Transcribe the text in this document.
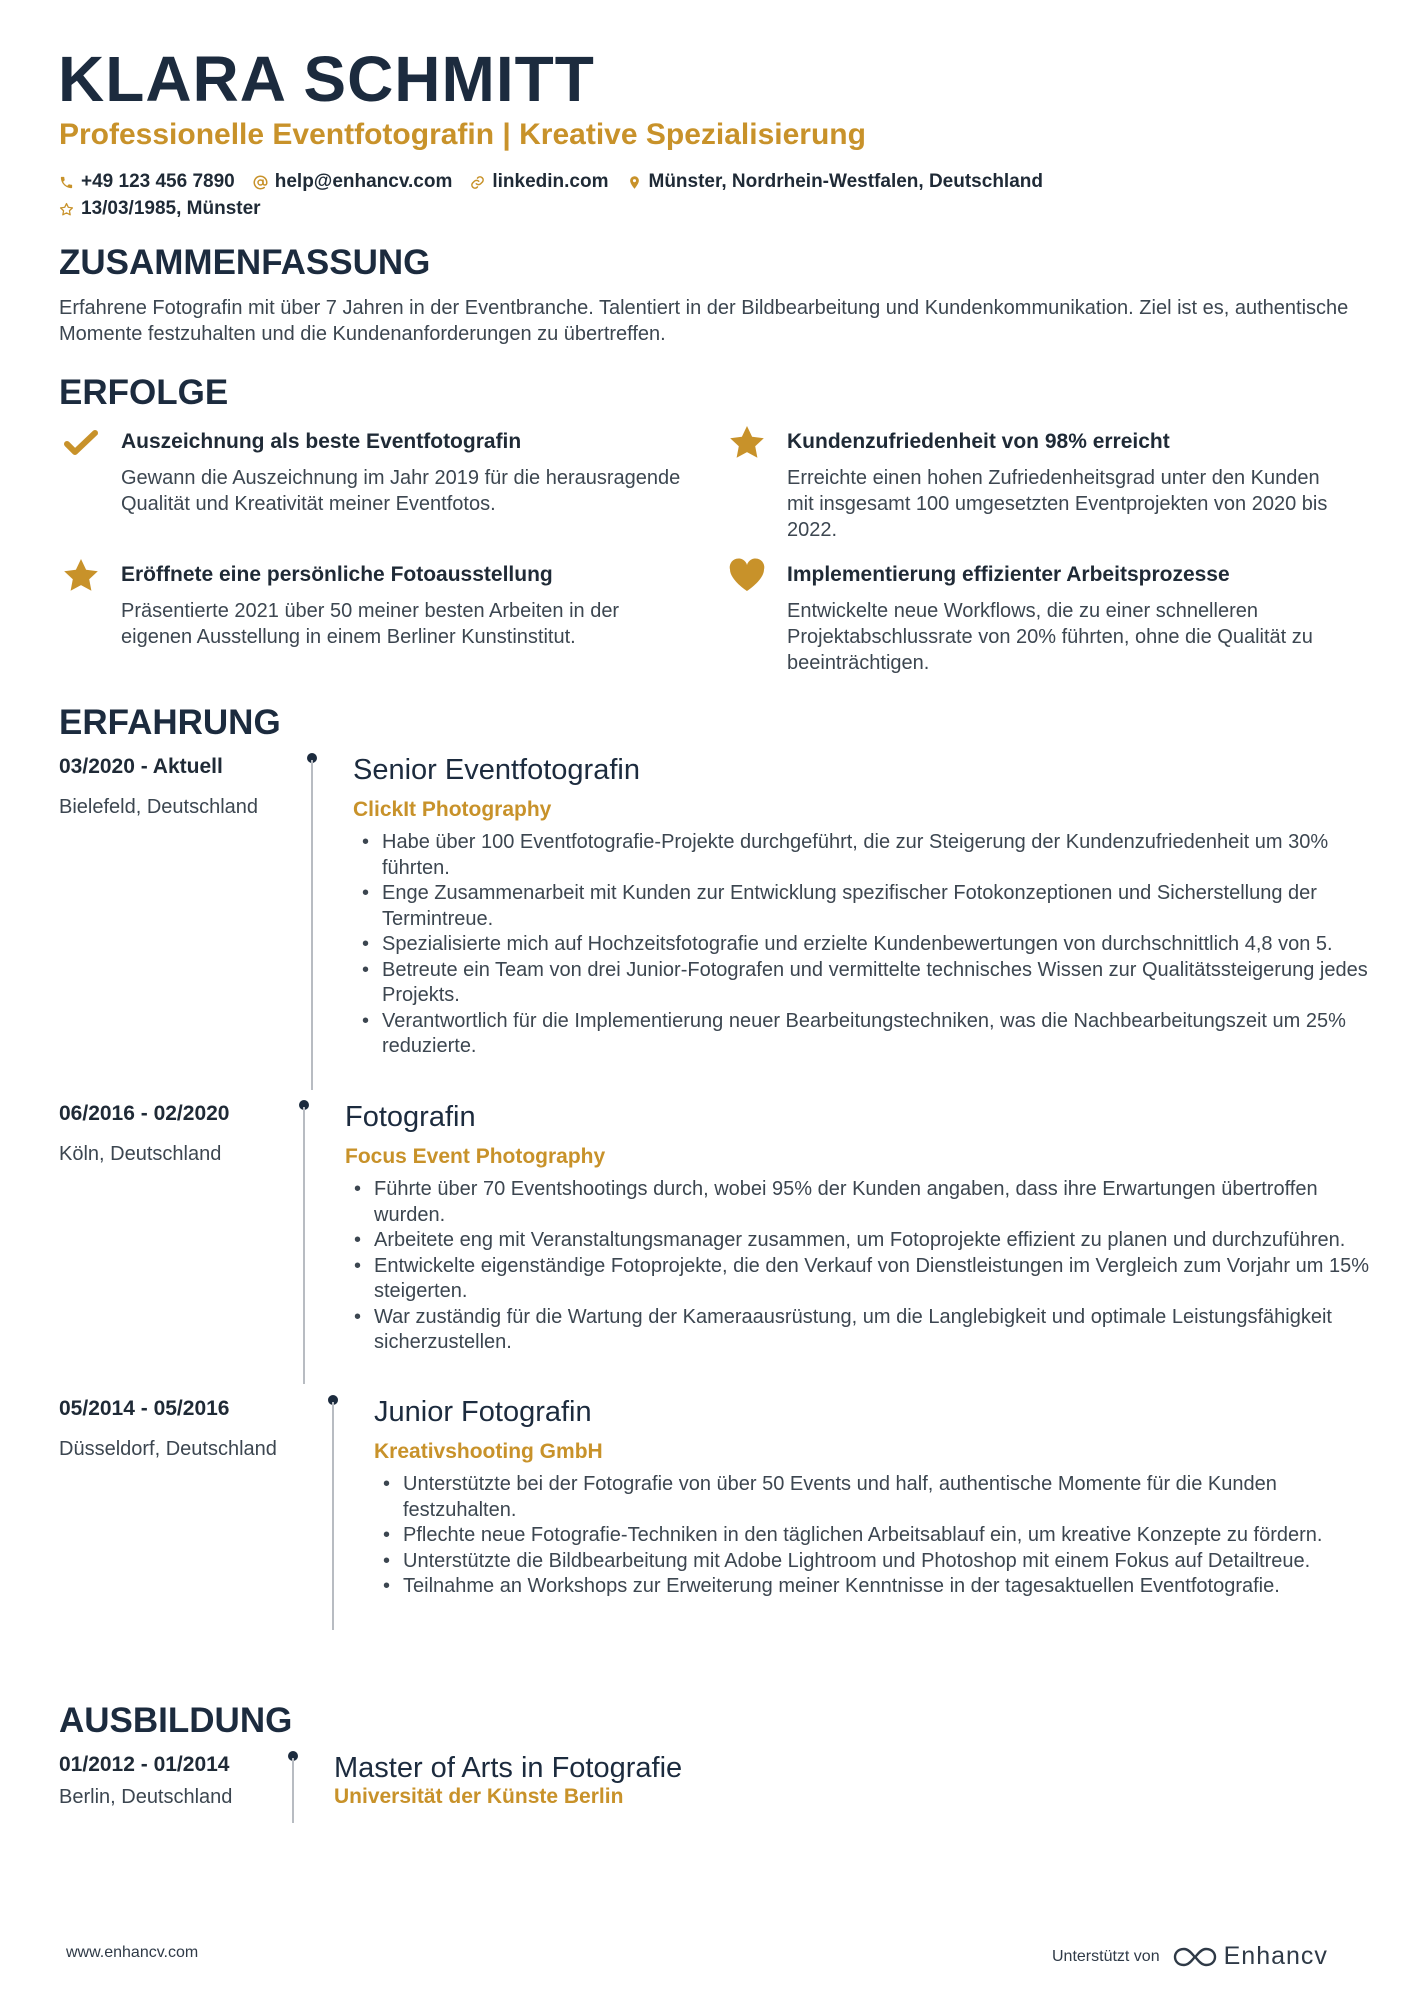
KLARA SCHMITT
Professionelle Eventfotografin | Kreative Spezialisierung
+49 123 456 7890 help@enhancv.com linkedin.com Münster, Nordrhein-Westfalen, Deutschland
13/03/1985, Münster
ZUSAMMENFASSUNG
Erfahrene Fotografin mit über 7 Jahren in der Eventbranche. Talentiert in der Bildbearbeitung und Kundenkommunikation. Ziel ist es, authentische Momente festzuhalten und die Kundenanforderungen zu übertreffen.
ERFOLGE
Auszeichnung als beste Eventfotografin
Gewann die Auszeichnung im Jahr 2019 für die herausragende Qualität und Kreativität meiner Eventfotos.
Kundenzufriedenheit von 98% erreicht
Erreichte einen hohen Zufriedenheitsgrad unter den Kunden mit insgesamt 100 umgesetzten Eventprojekten von 2020 bis 2022.
Eröffnete eine persönliche Fotoausstellung
Präsentierte 2021 über 50 meiner besten Arbeiten in der eigenen Ausstellung in einem Berliner Kunstinstitut.
Implementierung effizienter Arbeitsprozesse
Entwickelte neue Workflows, die zu einer schnelleren Projektabschlussrate von 20% führten, ohne die Qualität zu beeinträchtigen.
ERFAHRUNG
03/2020 - Aktuell
Bielefeld, Deutschland
Senior Eventfotografin
ClickIt Photography
• Habe über 100 Eventfotografie-Projekte durchgeführt, die zur Steigerung der Kundenzufriedenheit um 30% führten.
• Enge Zusammenarbeit mit Kunden zur Entwicklung spezifischer Fotokonzeptionen und Sicherstellung der Termintreue.
• Spezialisierte mich auf Hochzeitsfotografie und erzielte Kundenbewertungen von durchschnittlich 4,8 von 5.
• Betreute ein Team von drei Junior-Fotografen und vermittelte technisches Wissen zur Qualitätssteigerung jedes Projekts.
• Verantwortlich für die Implementierung neuer Bearbeitungstechniken, was die Nachbearbeitungszeit um 25% reduzierte.
06/2016 - 02/2020
Köln, Deutschland
Fotografin
Focus Event Photography
• Führte über 70 Eventshootings durch, wobei 95% der Kunden angaben, dass ihre Erwartungen übertroffen wurden.
• Arbeitete eng mit Veranstaltungsmanager zusammen, um Fotoprojekte effizient zu planen und durchzuführen.
• Entwickelte eigenständige Fotoprojekte, die den Verkauf von Dienstleistungen im Vergleich zum Vorjahr um 15% steigerten.
• War zuständig für die Wartung der Kameraausrüstung, um die Langlebigkeit und optimale Leistungsfähigkeit sicherzustellen.
05/2014 - 05/2016
Düsseldorf, Deutschland
Junior Fotografin
Kreativshooting GmbH
• Unterstützte bei der Fotografie von über 50 Events und half, authentische Momente für die Kunden festzuhalten.
• Pflechte neue Fotografie-Techniken in den täglichen Arbeitsablauf ein, um kreative Konzepte zu fördern.
• Unterstützte die Bildbearbeitung mit Adobe Lightroom und Photoshop mit einem Fokus auf Detailtreue.
• Teilnahme an Workshops zur Erweiterung meiner Kenntnisse in der tagesaktuellen Eventfotografie.
AUSBILDUNG
01/2012 - 01/2014
Berlin, Deutschland
Master of Arts in Fotografie
Universität der Künste Berlin
www.enhancv.com	Unterstützt von	Enhancv
